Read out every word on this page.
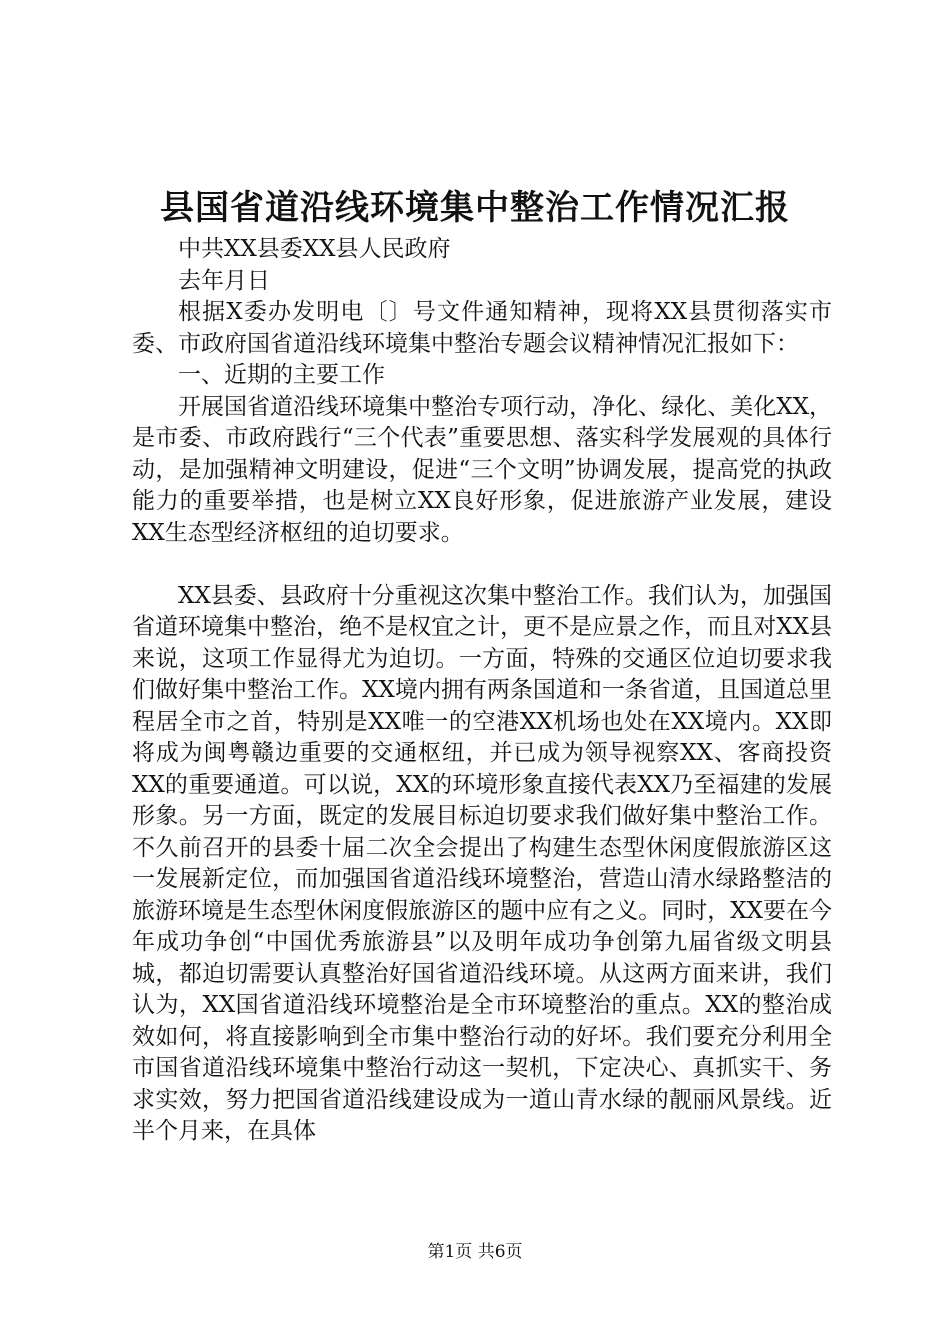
县国省道沿线环境集中整治工作情况汇报

中共XX县委XX县人民政府

去年月日

根据X委办发明电〔〕号文件通知精神，现将XX县贯彻落实市委、市政府国省道沿线环境集中整治专题会议精神情况汇报如下：

一、近期的主要工作

开展国省道沿线环境集中整治专项行动，净化、绿化、美化XX，是市委、市政府践行“三个代表”重要思想、落实科学发展观的具体行动，是加强精神文明建设，促进“三个文明”协调发展，提高党的执政能力的重要举措，也是树立XX良好形象，促进旅游产业发展，建设XX生态型经济枢纽的迫切要求。

XX县委、县政府十分重视这次集中整治工作。我们认为，加强国省道环境集中整治，绝不是权宜之计，更不是应景之作，而且对XX县来说，这项工作显得尤为迫切。一方面，特殊的交通区位迫切要求我们做好集中整治工作。XX境内拥有两条国道和一条省道，且国道总里程居全市之首，特别是XX唯一的空港XX机场也处在XX境内。XX即将成为闽粤赣边重要的交通枢纽，并已成为领导视察XX、客商投资XX的重要通道。可以说，XX的环境形象直接代表XX乃至福建的发展形象。另一方面，既定的发展目标迫切要求我们做好集中整治工作。不久前召开的县委十届二次全会提出了构建生态型休闲度假旅游区这一发展新定位，而加强国省道沿线环境整治，营造山清水绿路整洁的旅游环境是生态型休闲度假旅游区的题中应有之义。同时，XX要在今年成功争创“中国优秀旅游县”以及明年成功争创第九届省级文明县城，都迫切需要认真整治好国省道沿线环境。从这两方面来讲，我们认为，XX国省道沿线环境整治是全市环境整治的重点。XX的整治成效如何，将直接影响到全市集中整治行动的好坏。我们要充分利用全市国省道沿线环境集中整治行动这一契机，下定决心、真抓实干、务求实效，努力把国省道沿线建设成为一道山青水绿的靓丽风景线。近半个月来，在具体

第1页 共6页
